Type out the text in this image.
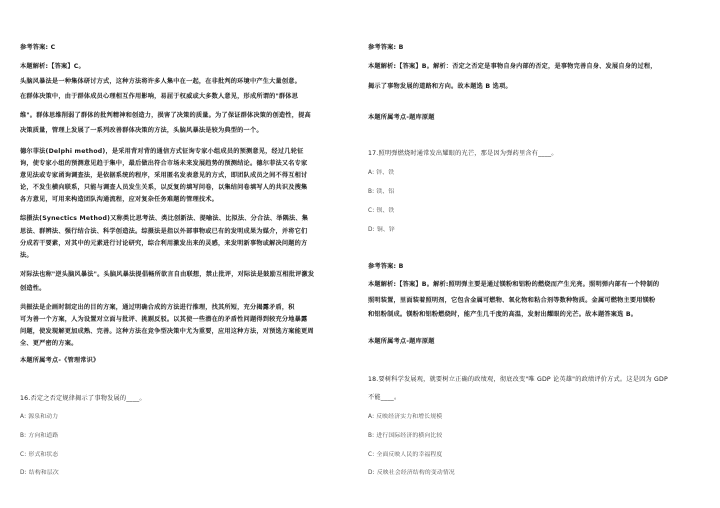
参考答案: C
本题解析:【答案】C。
头脑风暴法是一种集体研讨方式，这种方法将许多人集中在一起，在非批判的环境中产生大量创意。
在群体决策中，由于群体成员心理相互作用影响，易屈于权威或大多数人意见，形成所谓的"群体思
维"。群体思维削弱了群体的批判精神和创造力，损害了决策的质量。为了保证群体决策的创造性，提高
决策质量，管理上发展了一系列改善群体决策的方法，头脑风暴法是较为典型的一个。
德尔菲法(Delphi method)，是采用背对背的通信方式征询专家小组成员的预测意见，经过几轮征
询，使专家小组的预测意见趋于集中，最后做出符合市场未来发展趋势的预测结论。德尔菲法又名专家
意见法或专家函询调查法，是依据系统的程序，采用匿名发表意见的方式，即团队成员之间不得互相讨
论，不发生横向联系，只能与调查人员发生关系，以反复的填写问卷，以集结问卷填写人的共识及搜集
各方意见，可用来构造团队沟通流程，应对复杂任务难题的管理技术。
综摄法(Synectics Method)又称类比思考法、类比创新法、提喻法、比拟法、分合法、举隅法、集
思法、群辨法、强行结合法、科学创造法。综摄法是指以外部事物或已有的发明成果为媒介，并将它们
分成若干要素，对其中的元素进行讨论研究，综合利用激发出来的灵感，来发明新事物或解决问题的方
法。
对际法也称"逆头脑风暴法"。头脑风暴法提倡畅所欲言自由联想，禁止批评，对际法是鼓励互相批评激发
创造性。
共振法是企画时制定出的目的方案，通过明确合成的方法进行推理，找其所短，充分揭露矛盾，积
可为善一个方案，人为设置对立面与批评、挑剔反驳。以其使一些潜在的矛盾性问题得到较充分地暴露
问题，使发现解更加成熟、完善。这种方法在竞争型决策中尤为重要，应用这种方法，对预选方案能更周
全、更严密的方案。
本题所属考点-《管理常识》
16.否定之否定规律揭示了事物发展的____。
A: 源泉和动力
B: 方向和道路
C: 形式和状态
D: 结构和层次
参考答案: B
本题解析:【答案】B。解析：否定之否定是事物自身内部的否定，是事物完善自身、发展自身的过程，
揭示了事物发展的道路和方向。故本题选 B 选项。
本题所属考点-题库原题
17.照明弹燃烧时通常发出耀眼的光芒，那是因为弹药里含有____。
A: 锌、铁
B: 镁、铝
C: 钡、铁
D: 铜、锌
参考答案: B
本题解析:【答案】B。解析:照明弹主要是通过镁粉和铝粉的燃烧而产生光亮。照明弹内部有一个特制的
照明装置，里面装着照明剂，它包含金属可燃物、氧化物和粘合剂等数种物质。金属可燃物主要用镁粉
和铝粉制成。镁粉和铝粉燃烧时，能产生几千度的高温，发射出耀眼的光芒。故本题答案选 B。
本题所属考点-题库原题
18.要树科学发展观，就要树立正确的政绩观，彻底改变"唯 GDP 论英雄"的政绩评价方式。这是因为 GDP
不能____。
A: 反映经济实力和增长规模
B: 进行国际经济的横向比较
C: 全面反映人民的幸福程度
D: 反映社会经济结构的变动情况
